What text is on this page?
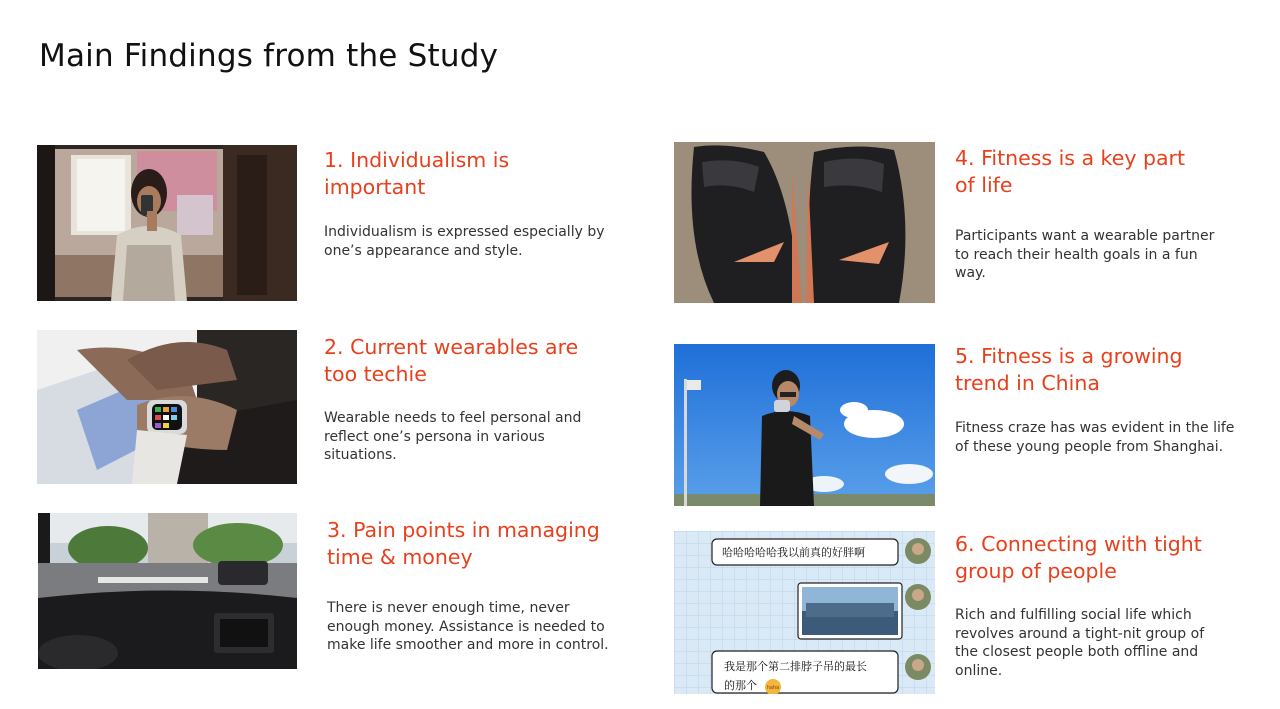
Main Findings from the Study
1. Individualism is
important
Individualism is expressed especially by one’s appearance and style.
2. Current wearables are
too techie
Wearable needs to feel personal and reflect one’s persona in various situations.
3. Pain points in managing
time & money
There is never enough time, never enough money. Assistance is needed to make life smoother and more in control.
4. Fitness is a key part
of life
Participants want a wearable partner to reach their health goals in a fun way.
5. Fitness is a growing
trend in China
Fitness craze has was evident in the life of these young people from Shanghai.
haha
哈哈哈哈哈我以前真的好胖啊
我是那个第二排脖子吊的最长
的那个
6. Connecting with tight
group of people
Rich and fulfilling social life which revolves around a tight-nit group of the closest people both offline and online.
